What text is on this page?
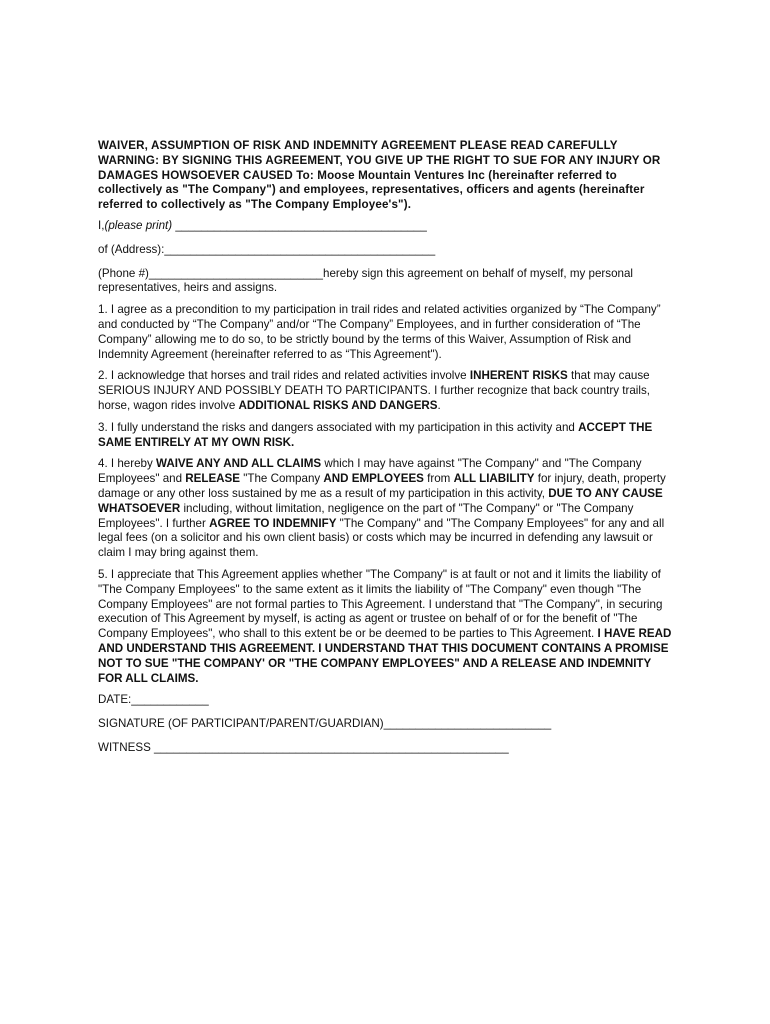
WAIVER, ASSUMPTION OF RISK AND INDEMNITY AGREEMENT PLEASE READ CAREFULLY WARNING: BY SIGNING THIS AGREEMENT, YOU GIVE UP THE RIGHT TO SUE FOR ANY INJURY OR DAMAGES HOWSOEVER CAUSED To: Moose Mountain Ventures Inc (hereinafter referred to collectively as "The Company") and employees, representatives, officers and agents (hereinafter referred to collectively as "The Company Employee's").

I,(please print) _______________________________________

of (Address):__________________________________________

(Phone #)___________________________hereby sign this agreement on behalf of myself, my personal representatives, heirs and assigns.

1. I agree as a precondition to my participation in trail rides and related activities organized by “The Company” and conducted by “The Company” and/or “The Company” Employees, and in further consideration of “The Company” allowing me to do so, to be strictly bound by the terms of this Waiver, Assumption of Risk and Indemnity Agreement (hereinafter referred to as “This Agreement").

2. I acknowledge that horses and trail rides and related activities involve INHERENT RISKS that may cause SERIOUS INJURY AND POSSIBLY DEATH TO PARTICIPANTS. I further recognize that back country trails, horse, wagon rides involve ADDITIONAL RISKS AND DANGERS.

3. I fully understand the risks and dangers associated with my participation in this activity and ACCEPT THE SAME ENTIRELY AT MY OWN RISK.

4. I hereby WAIVE ANY AND ALL CLAIMS which I may have against "The Company" and "The Company Employees" and RELEASE "The Company AND EMPLOYEES from ALL LIABILITY for injury, death, property damage or any other loss sustained by me as a result of my participation in this activity, DUE TO ANY CAUSE WHATSOEVER including, without limitation, negligence on the part of "The Company" or "The Company Employees". I further AGREE TO INDEMNIFY "The Company" and "The Company Employees" for any and all legal fees (on a solicitor and his own client basis) or costs which may be incurred in defending any lawsuit or claim I may bring against them.

5. I appreciate that This Agreement applies whether "The Company" is at fault or not and it limits the liability of "The Company Employees" to the same extent as it limits the liability of "The Company" even though "The Company Employees" are not formal parties to This Agreement. I understand that "The Company", in securing execution of This Agreement by myself, is acting as agent or trustee on behalf of or for the benefit of "The Company Employees", who shall to this extent be or be deemed to be parties to This Agreement. I HAVE READ AND UNDERSTAND THIS AGREEMENT. I UNDERSTAND THAT THIS DOCUMENT CONTAINS A PROMISE NOT TO SUE "THE COMPANY' OR "THE COMPANY EMPLOYEES" AND A RELEASE AND INDEMNITY FOR ALL CLAIMS.

DATE:____________

SIGNATURE (OF PARTICIPANT/PARENT/GUARDIAN)__________________________

WITNESS _______________________________________________________
